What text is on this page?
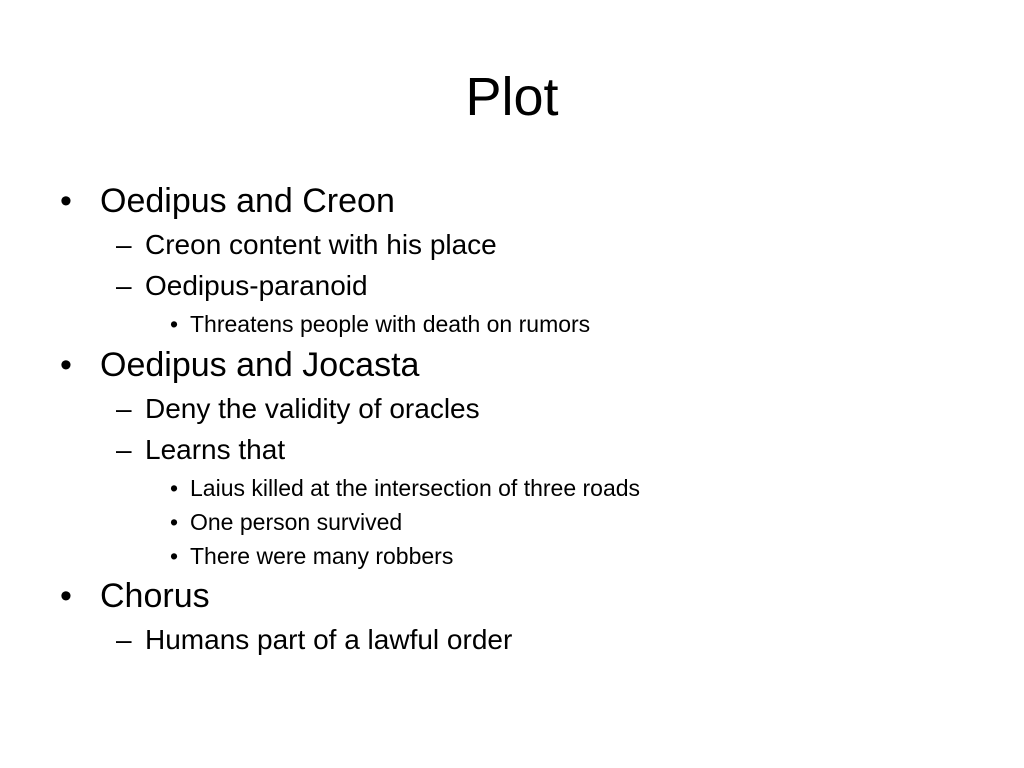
Plot
• Oedipus and Creon
– Creon content with his place
– Oedipus-paranoid
• Threatens people with death on rumors
• Oedipus and Jocasta
– Deny the validity of oracles
– Learns that
• Laius killed at the intersection of three roads
• One person survived
• There were many robbers
• Chorus
– Humans part of a lawful order
